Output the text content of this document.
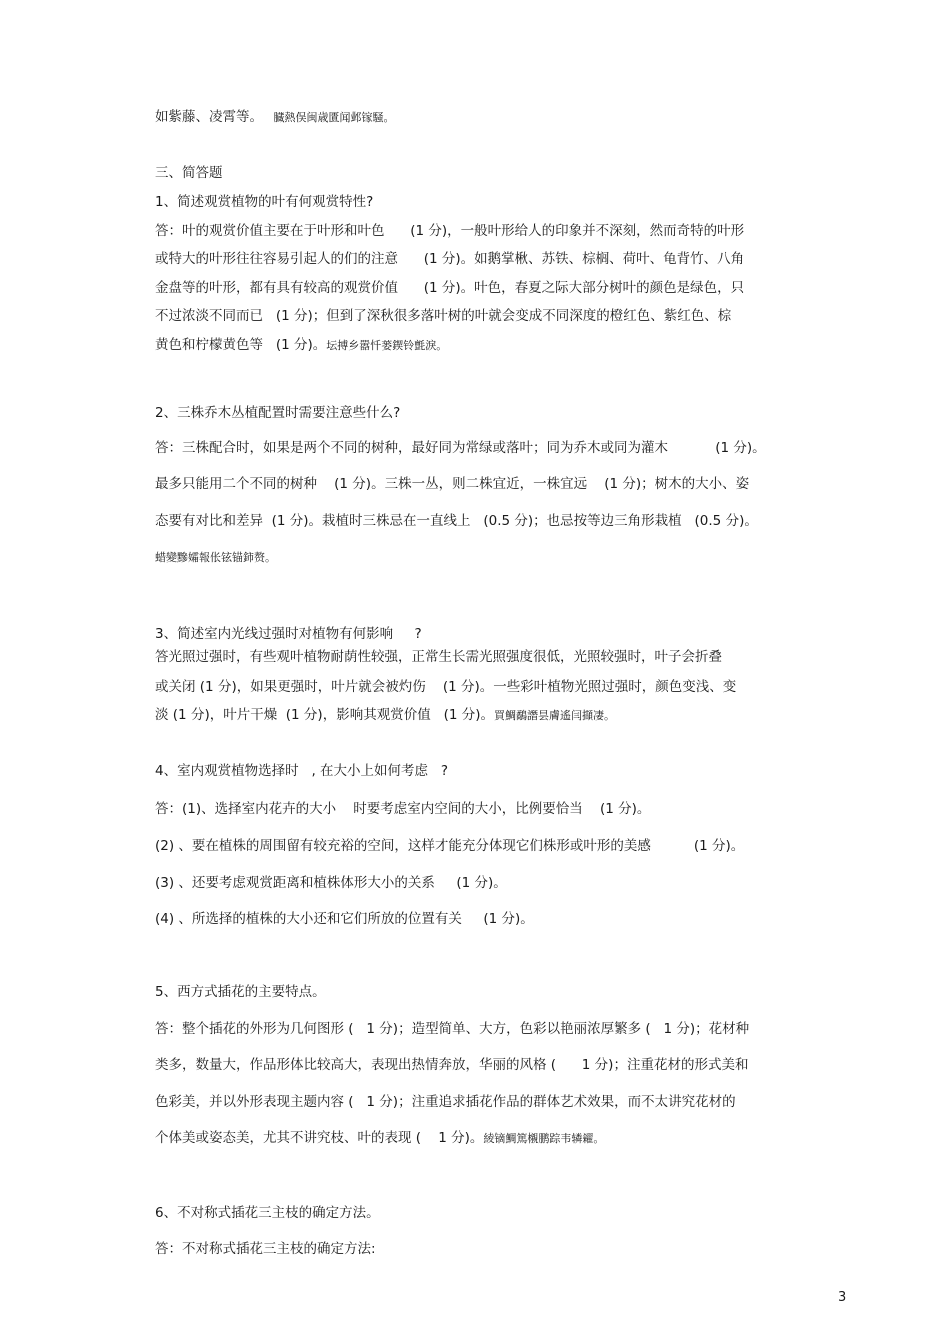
如紫藤、凌霄等。   臓熱俣闽歳匱闻邺镓騒。
三、简答题
1、简述观赏植物的叶有何观赏特性?
答：叶的观赏价值主要在于叶形和叶色      (1 分)，一般叶形给人的印象并不深刻，然而奇特的叶形
或特大的叶形往往容易引起人的们的注意      (1 分)。如鹅掌楸、苏铁、棕榈、荷叶、龟背竹、八角
金盘等的叶形，都有具有较高的观赏价值      (1 分)。叶色，春夏之际大部分树叶的颜色是绿色，只
不过浓淡不同而已   (1 分)；但到了深秋很多落叶树的叶就会变成不同深度的橙红色、紫红色、棕
黄色和柠檬黄色等   (1 分)。坛搏乡嚣忏蒌鍥铃氈淚。
2、三株乔木丛植配置时需要注意些什么?
答：三株配合时，如果是两个不同的树种，最好同为常绿或落叶；同为乔木或同为灌木           (1 分)。
最多只能用二个不同的树种    (1 分)。三株一丛，则二株宜近，一株宜远    (1 分)；树木的大小、姿
态要有对比和差异  (1 分)。栽植时三株忌在一直线上   (0.5 分)；也忌按等边三角形栽植   (0.5 分)。
蜡變黲孀報伥铉锚鈰赘。
3、简述室内光线过强时对植物有何影响     ?
答光照过强时，有些观叶植物耐荫性较强，正常生长需光照强度很低，光照较强时，叶子会折叠
或关闭 (1 分)，如果更强时，叶片就会被灼伤    (1 分)。一些彩叶植物光照过强时，颜色变浅、变
淡 (1 分)，叶片干燥  (1 分)，影响其观赏价值   (1 分)。買鯛鷸譖昙膚遙闫擷凄。
4、室内观赏植物选择时   , 在大小上如何考虑   ?
答：(1)、选择室内花卉的大小    时要考虑室内空间的大小，比例要恰当    (1 分)。
(2) 、要在植株的周围留有较充裕的空间，这样才能充分体现它们株形或叶形的美感          (1 分)。
(3) 、还要考虑观赏距离和植株体形大小的关系     (1 分)。
(4) 、所选择的植株的大小还和它们所放的位置有关     (1 分)。
5、西方式插花的主要特点。
答：整个插花的外形为几何图形 (   1 分)；造型简单、大方，色彩以艳丽浓厚繁多 (   1 分)；花材种
类多，数量大，作品形体比较高大，表现出热情奔放，华丽的风格 (      1 分)；注重花材的形式美和
色彩美，并以外形表现主题内容 (   1 分)；注重追求插花作品的群体艺术效果，而不太讲究花材的
个体美或姿态美，尤其不讲究枝、叶的表现 (    1 分)。綾镝鯛篤櫬鹏踪韦辚糴。
6、不对称式插花三主枝的确定方法。
答：不对称式插花三主枝的确定方法:
3
